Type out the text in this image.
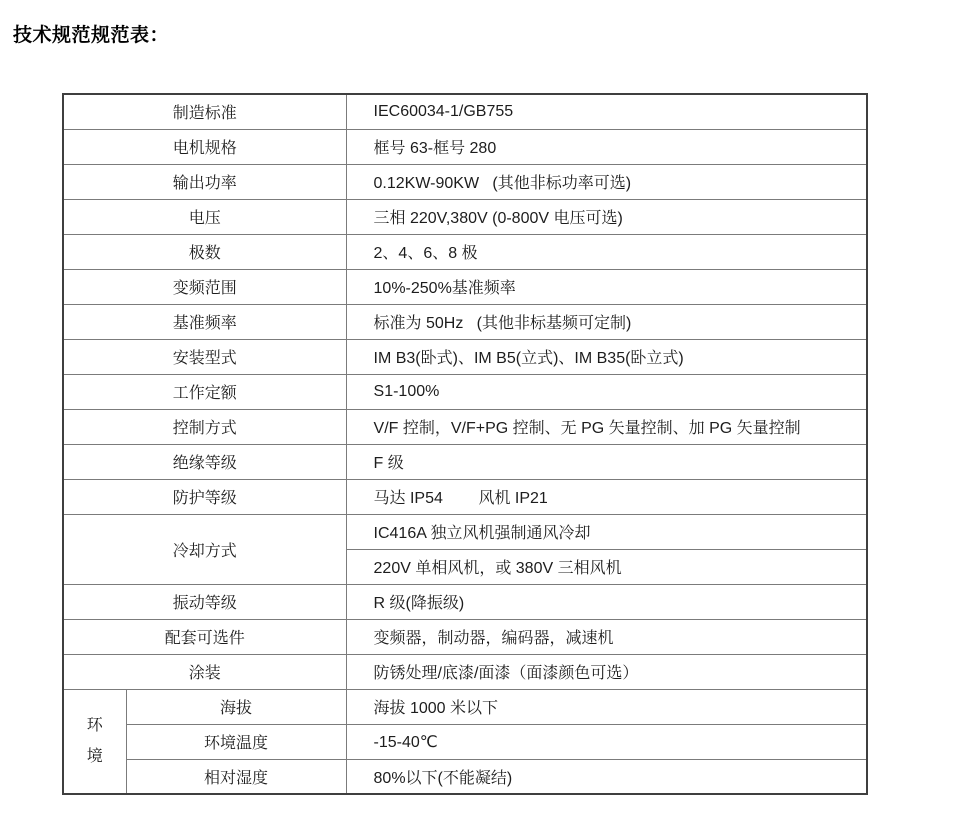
技术规范规范表：
制造标准		IEC60034-1/GB755
电机规格		框号 63-框号 280
输出功率		0.12KW-90KW   (其他非标功率可选)
电压		三相 220V,380V (0-800V 电压可选)
极数		2、4、6、8 极
变频范围		10%-250%基准频率
基准频率		标准为 50Hz   (其他非标基频可定制)
安装型式		IM B3(卧式)、IM B5(立式)、IM B35(卧立式)
工作定额		S1-100%
控制方式		V/F 控制，V/F+PG 控制、无 PG 矢量控制、加 PG 矢量控制
绝缘等级		F 级
防护等级		马达 IP54        风机 IP21
冷却方式		IC416A 独立风机强制通风冷却
		220V 单相风机，或 380V 三相风机
振动等级		R 级(降振级)
配套可选件		变频器，制动器，编码器，减速机
涂装		防锈处理/底漆/面漆（面漆颜色可选）

环境	海拔	海拔 1000 米以下
	环境温度	-15-40℃
	相对湿度	80%以下(不能凝结)
